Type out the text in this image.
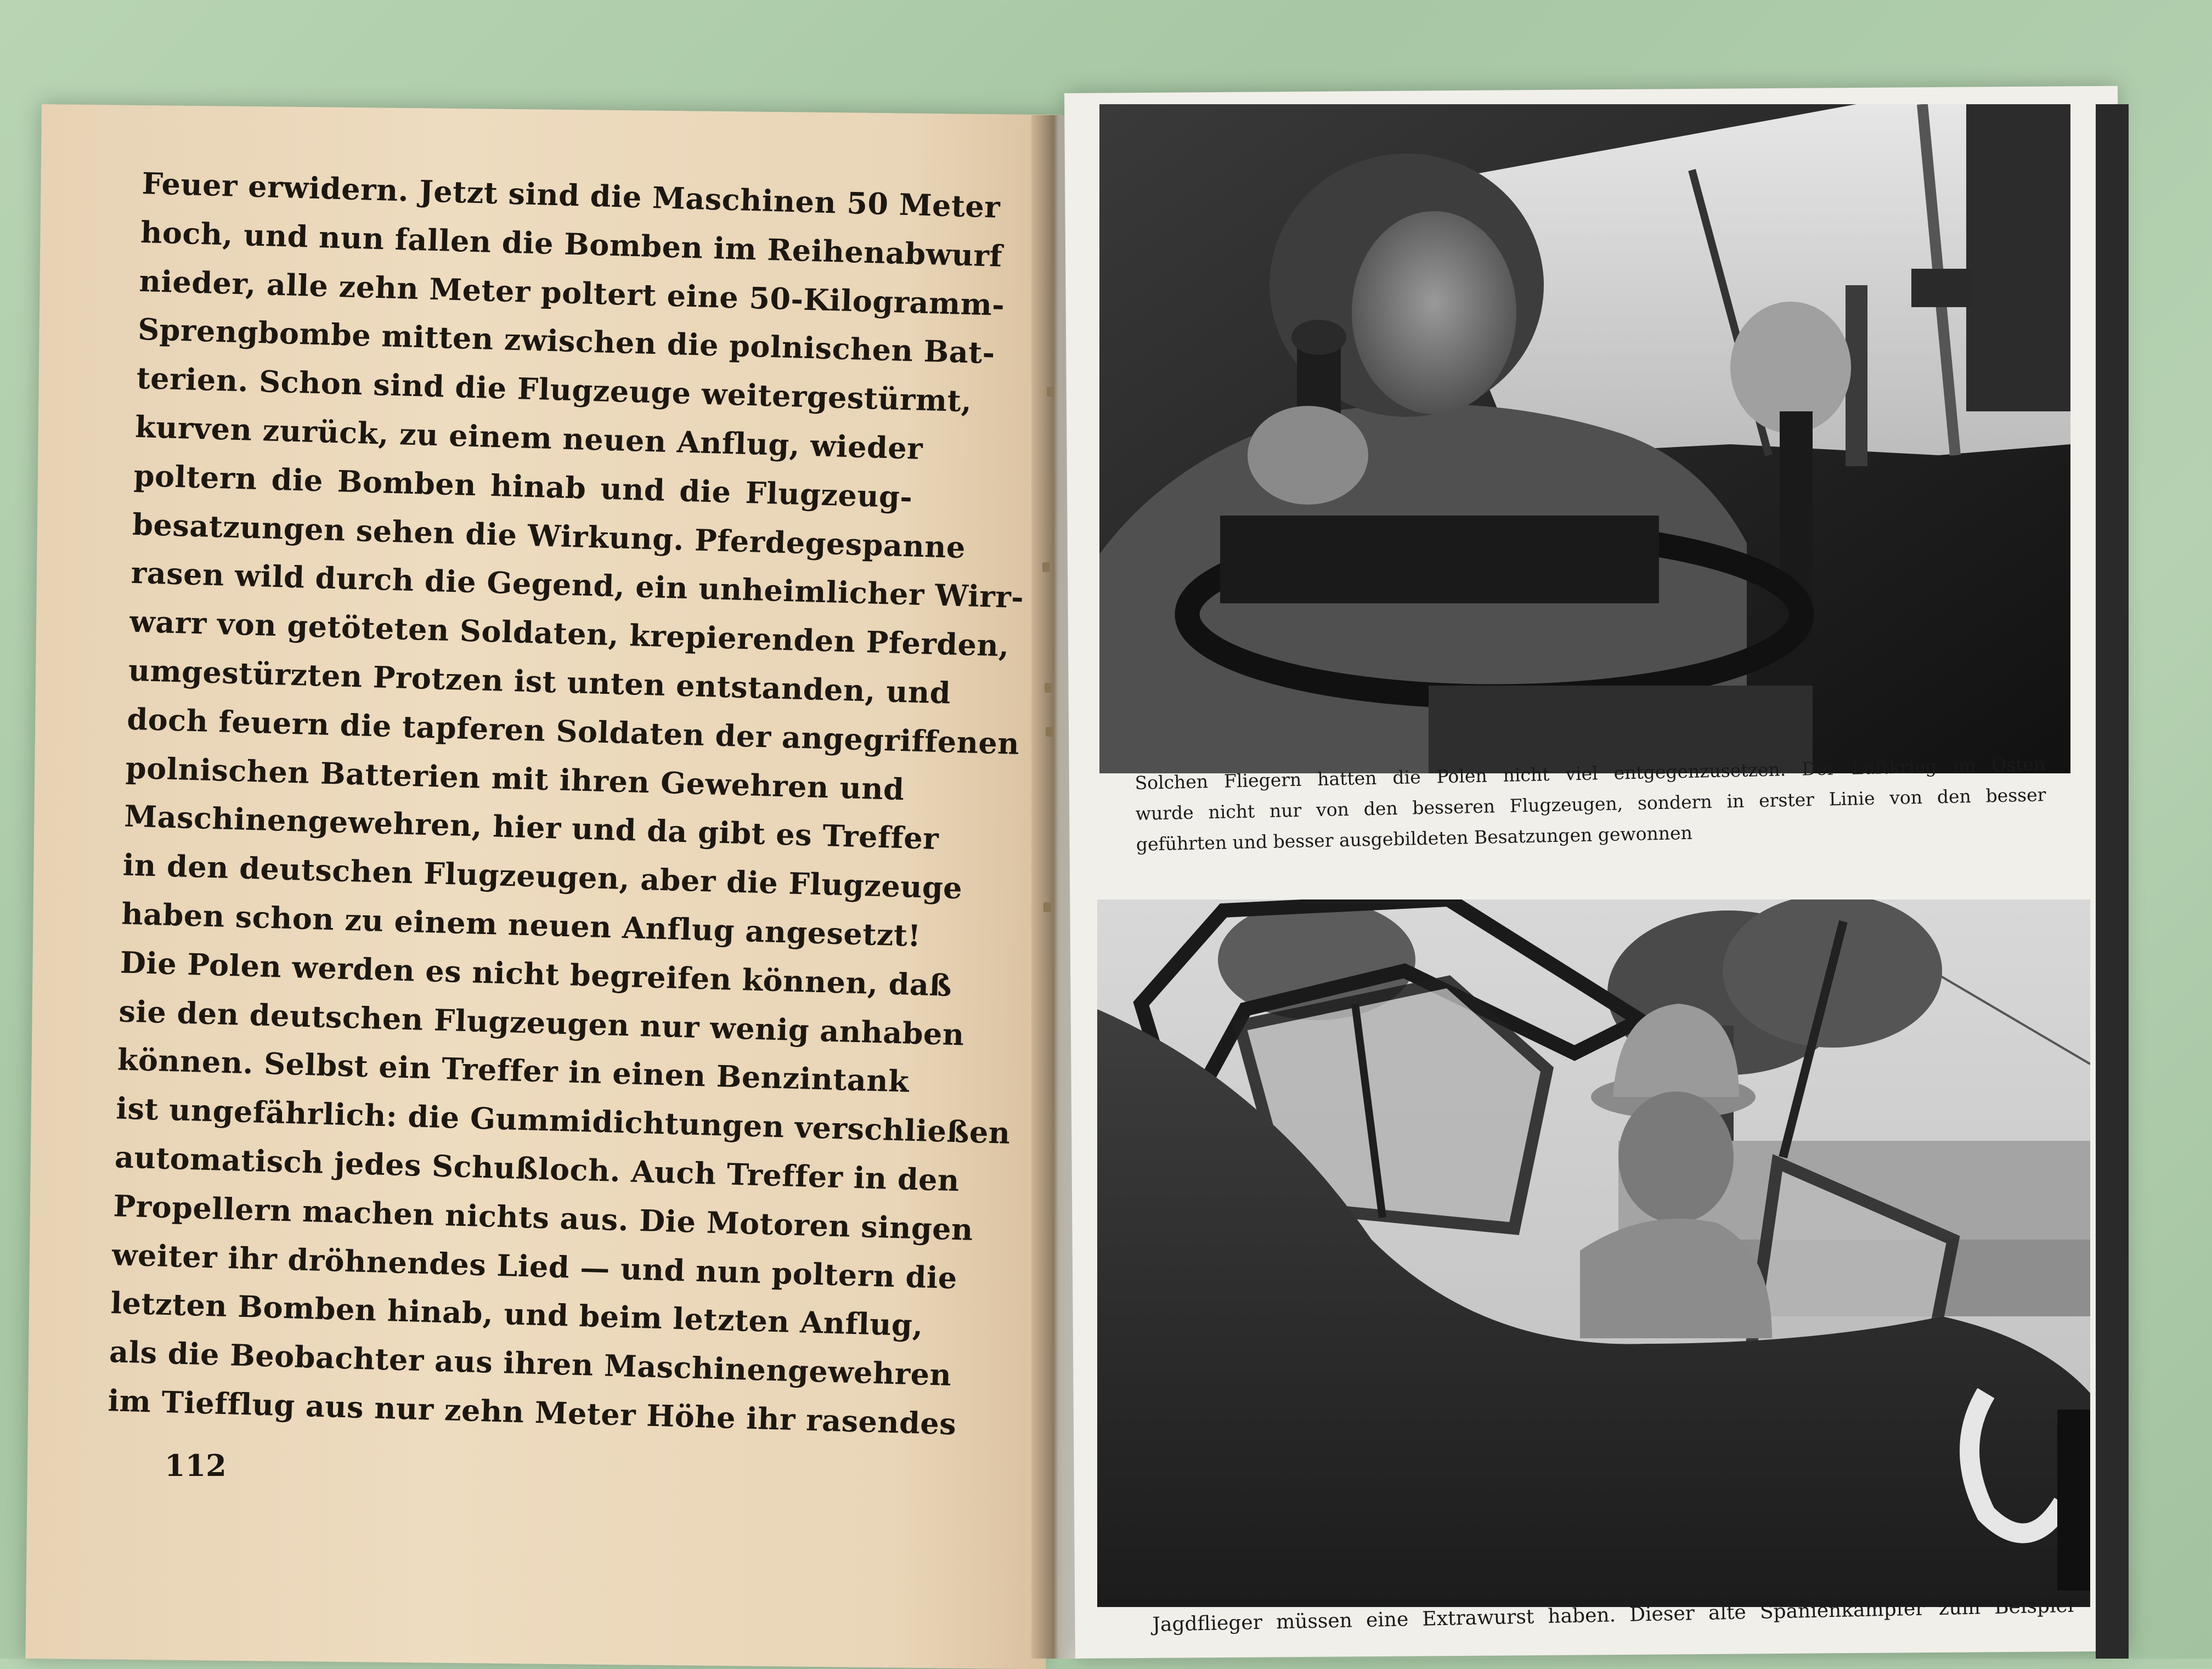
Feuer erwidern. Jetzt sind die Maschinen 50 Meter
hoch, und nun fallen die Bomben im Reihenabwurf
nieder, alle zehn Meter poltert eine 50-Kilogramm-
Sprengbombe mitten zwischen die polnischen Bat-
terien. Schon sind die Flugzeuge weitergestürmt,
kurven zurück, zu einem neuen Anflug, wieder
poltern die Bomben hinab und die Flugzeug-
besatzungen sehen die Wirkung. Pferdegespanne
rasen wild durch die Gegend, ein unheimlicher Wirr-
warr von getöteten Soldaten, krepierenden Pferden,
umgestürzten Protzen ist unten entstanden, und
doch feuern die tapferen Soldaten der angegriffenen
polnischen Batterien mit ihren Gewehren und
Maschinengewehren, hier und da gibt es Treffer
in den deutschen Flugzeugen, aber die Flugzeuge
haben schon zu einem neuen Anflug angesetzt!
Die Polen werden es nicht begreifen können, daß
sie den deutschen Flugzeugen nur wenig anhaben
können. Selbst ein Treffer in einen Benzintank
ist ungefährlich: die Gummidichtungen verschließen
automatisch jedes Schußloch. Auch Treffer in den
Propellern machen nichts aus. Die Motoren singen
weiter ihr dröhnendes Lied — und nun poltern die
letzten Bomben hinab, und beim letzten Anflug,
als die Beobachter aus ihren Maschinengewehren
im Tiefflug aus nur zehn Meter Höhe ihr rasendes
112
Solchen Fliegern hatten die Polen nicht viel entgegenzusetzen. Der Luftkrieg im Osten
wurde nicht nur von den besseren Flugzeugen, sondern in erster Linie von den besser
geführten und besser ausgebildeten Besatzungen gewonnen
Jagdflieger müssen eine Extrawurst haben. Dieser alte Spanienkämpfer zum Beispiel
